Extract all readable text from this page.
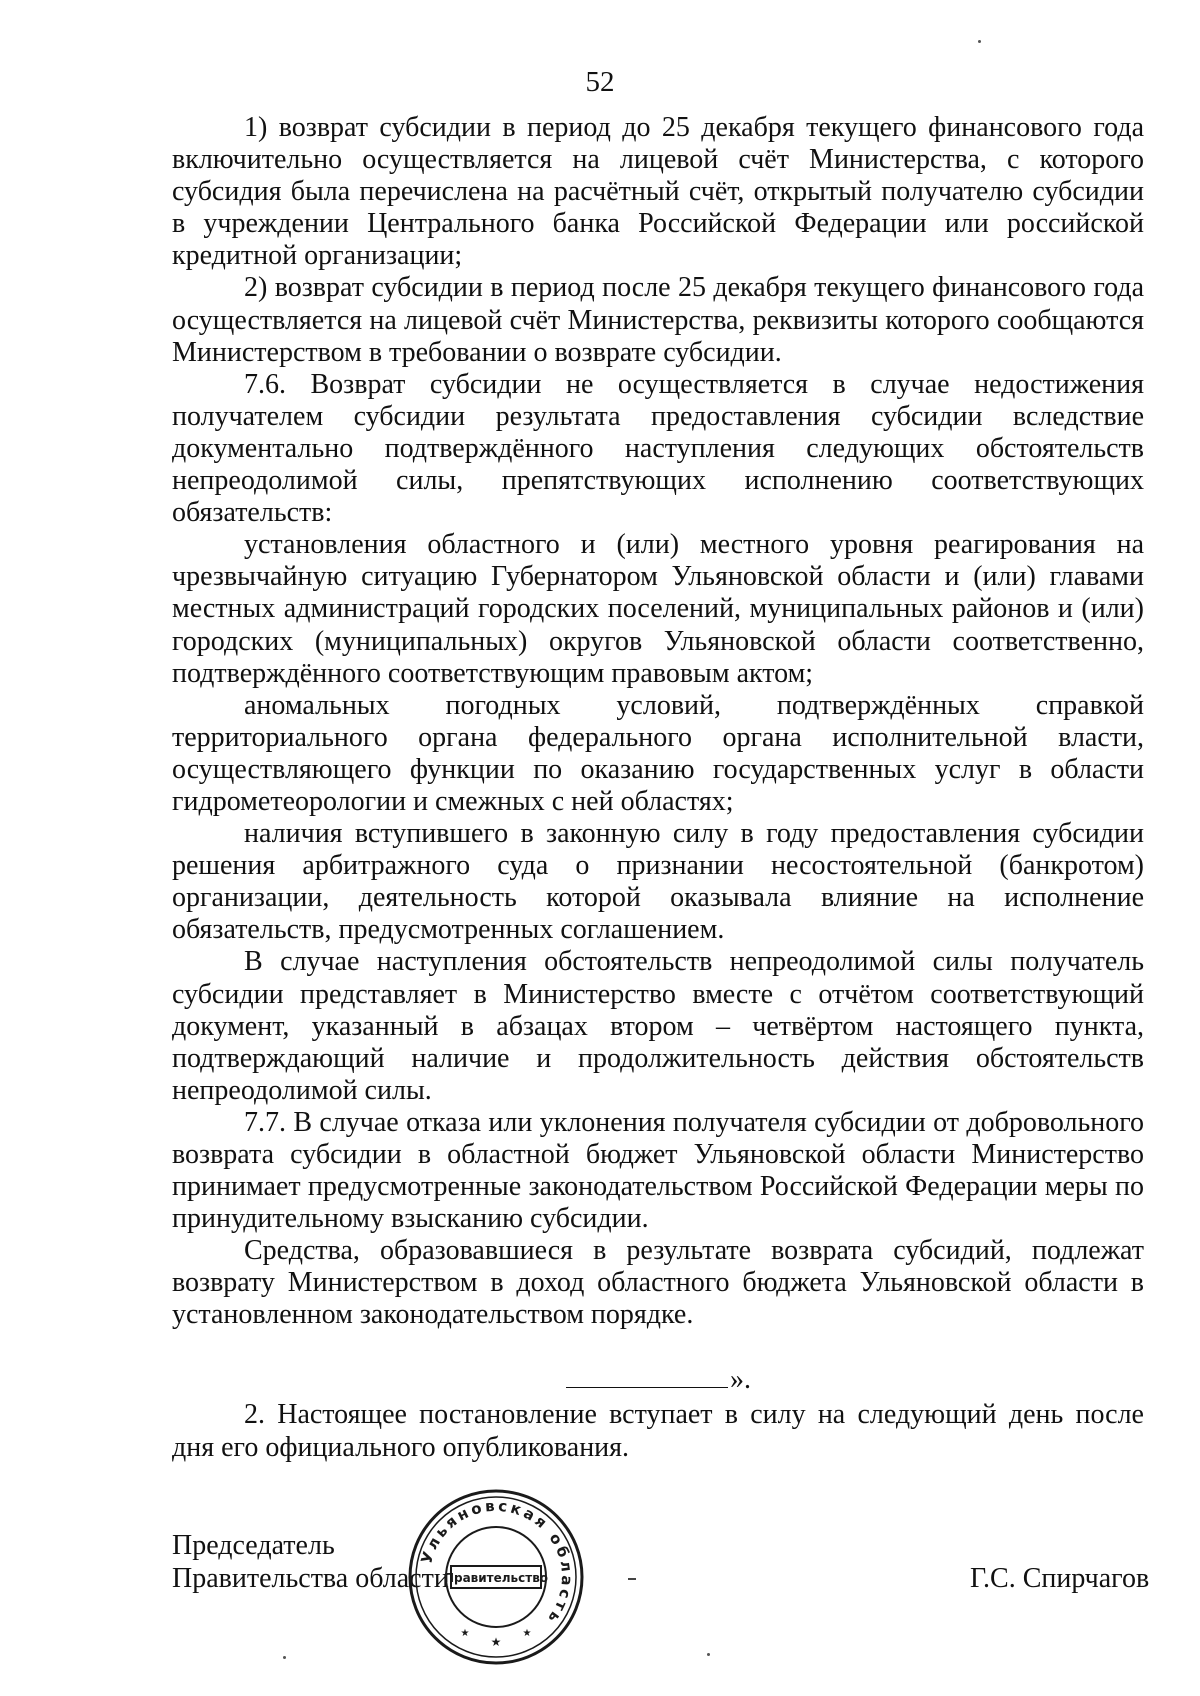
52

1) возврат субсидии в период до 25 декабря текущего финансового года включительно осуществляется на лицевой счёт Министерства, с которого субсидия была перечислена на расчётный счёт, открытый получателю субсидии в учреждении Центрального банка Российской Федерации или российской кредитной организации;

2) возврат субсидии в период после 25 декабря текущего финансового года осуществляется на лицевой счёт Министерства, реквизиты которого сообщаются Министерством в требовании о возврате субсидии.

7.6. Возврат субсидии не осуществляется в случае недостижения получателем субсидии результата предоставления субсидии вследствие документально подтверждённого наступления следующих обстоятельств непреодолимой силы, препятствующих исполнению соответствующих обязательств:

установления областного и (или) местного уровня реагирования на чрезвычайную ситуацию Губернатором Ульяновской области и (или) главами местных администраций городских поселений, муниципальных районов и (или) городских (муниципальных) округов Ульяновской области соответственно, подтверждённого соответствующим правовым актом;

аномальных погодных условий, подтверждённых справкой территориального органа федерального органа исполнительной власти, осуществляющего функции по оказанию государственных услуг в области гидрометеорологии и смежных с ней областях;

наличия вступившего в законную силу в году предоставления субсидии решения арбитражного суда о признании несостоятельной (банкротом) организации, деятельность которой оказывала влияние на исполнение обязательств, предусмотренных соглашением.

В случае наступления обстоятельств непреодолимой силы получатель субсидии представляет в Министерство вместе с отчётом соответствующий документ, указанный в абзацах втором – четвёртом настоящего пункта, подтверждающий наличие и продолжительность действия обстоятельств непреодолимой силы.

7.7. В случае отказа или уклонения получателя субсидии от добровольного возврата субсидии в областной бюджет Ульяновской области Министерство принимает предусмотренные законодательством Российской Федерации меры по принудительному взысканию субсидии.

Средства, образовавшиеся в результате возврата субсидий, подлежат возврату Министерством в доход областного бюджета Ульяновской области в установленном законодательством порядке.

».

2. Настоящее постановление вступает в силу на следующий день после дня его официального опубликования.

Председатель
Правительства области	Г.С. Спирчагов
Ульяновская область
Правительство
★
★	★
